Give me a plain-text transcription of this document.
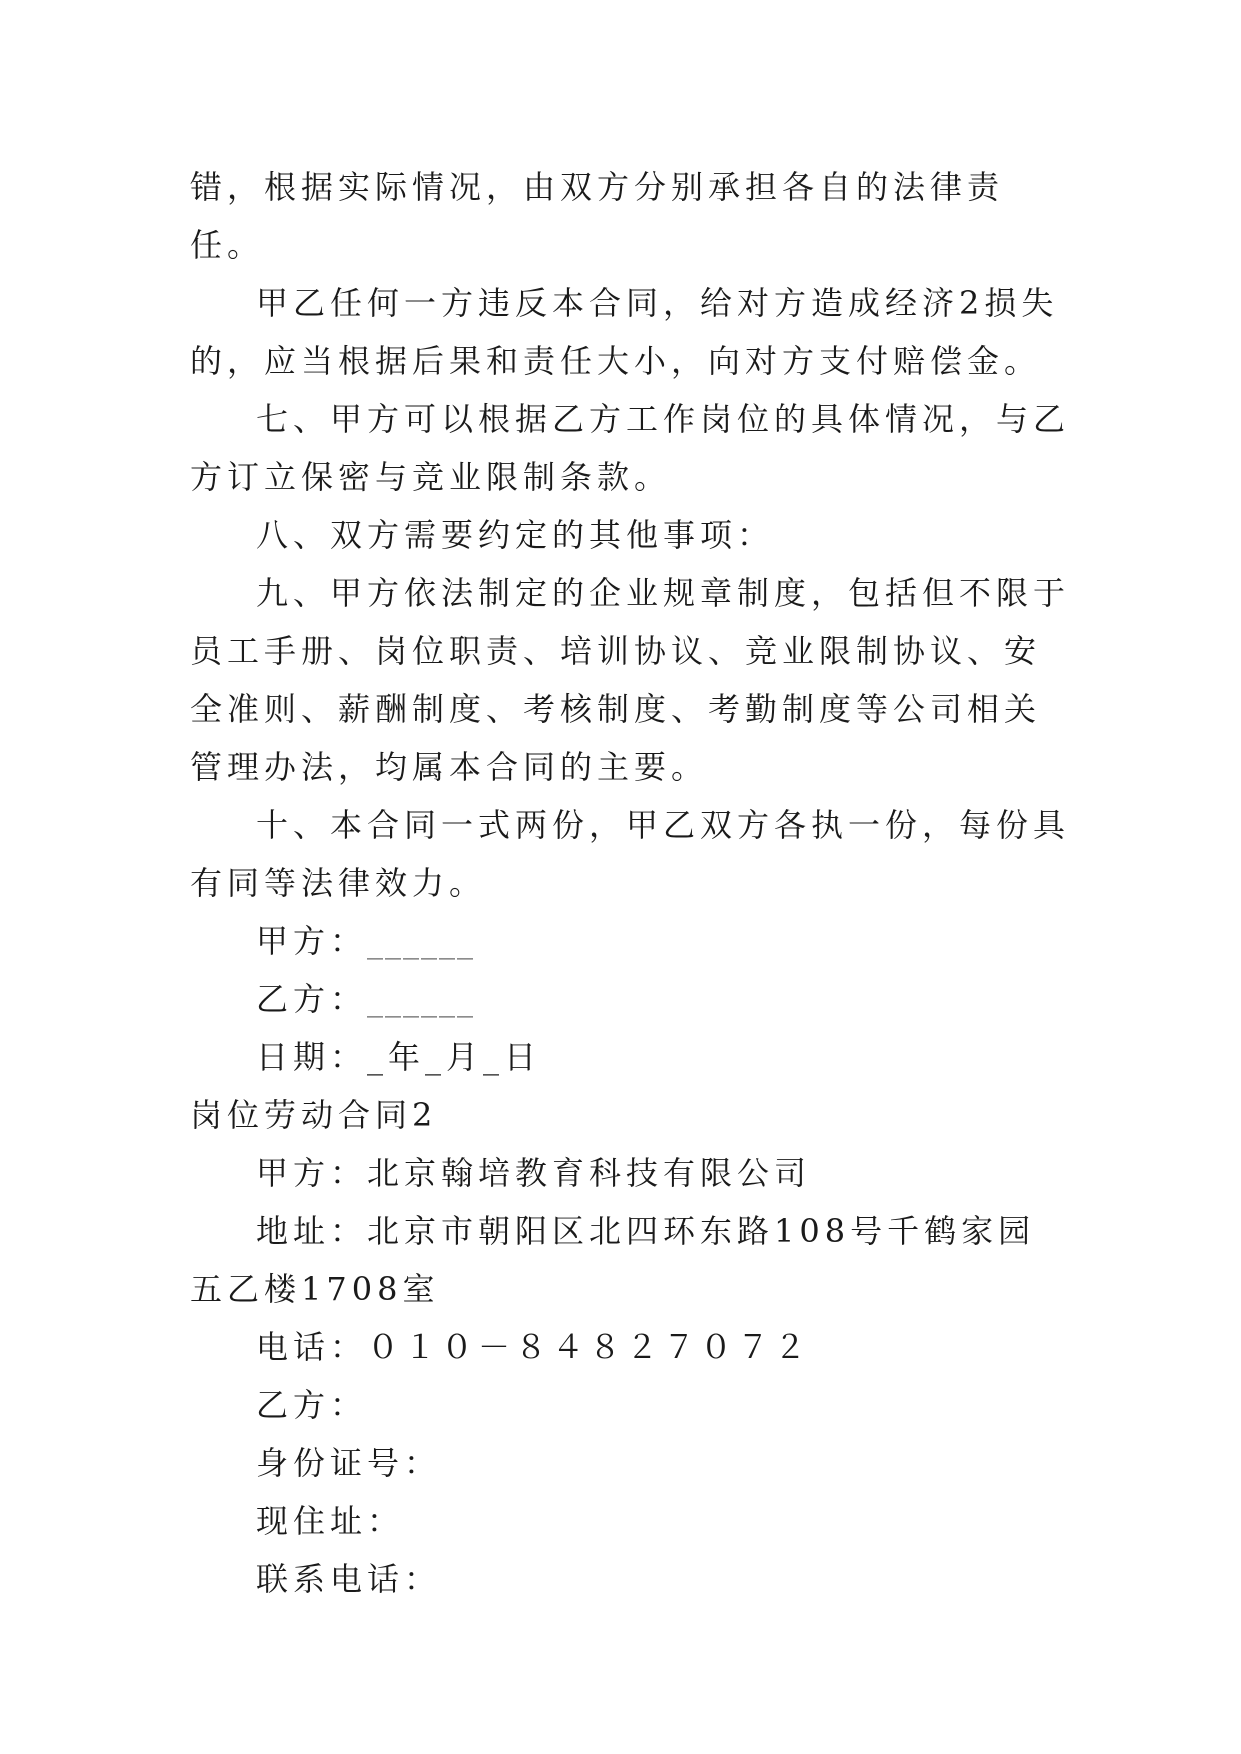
错，根据实际情况，由双方分别承担各自的法律责任。

甲乙任何一方违反本合同，给对方造成经济2损失的，应当根据后果和责任大小，向对方支付赔偿金。

七、甲方可以根据乙方工作岗位的具体情况，与乙方订立保密与竞业限制条款。

八、双方需要约定的其他事项：

九、甲方依法制定的企业规章制度，包括但不限于员工手册、岗位职责、培训协议、竞业限制协议、安全准则、薪酬制度、考核制度、考勤制度等公司相关管理办法，均属本合同的主要。

十、本合同一式两份，甲乙双方各执一份，每份具有同等法律效力。

甲方：______

乙方：______

日期：_年_月_日

岗位劳动合同2

甲方：北京翰培教育科技有限公司

地址：北京市朝阳区北四环东路108号千鹤家园五乙楼1708室

电话：０１０－８４８２７０７２

乙方：

身份证号：

现住址：

联系电话：
